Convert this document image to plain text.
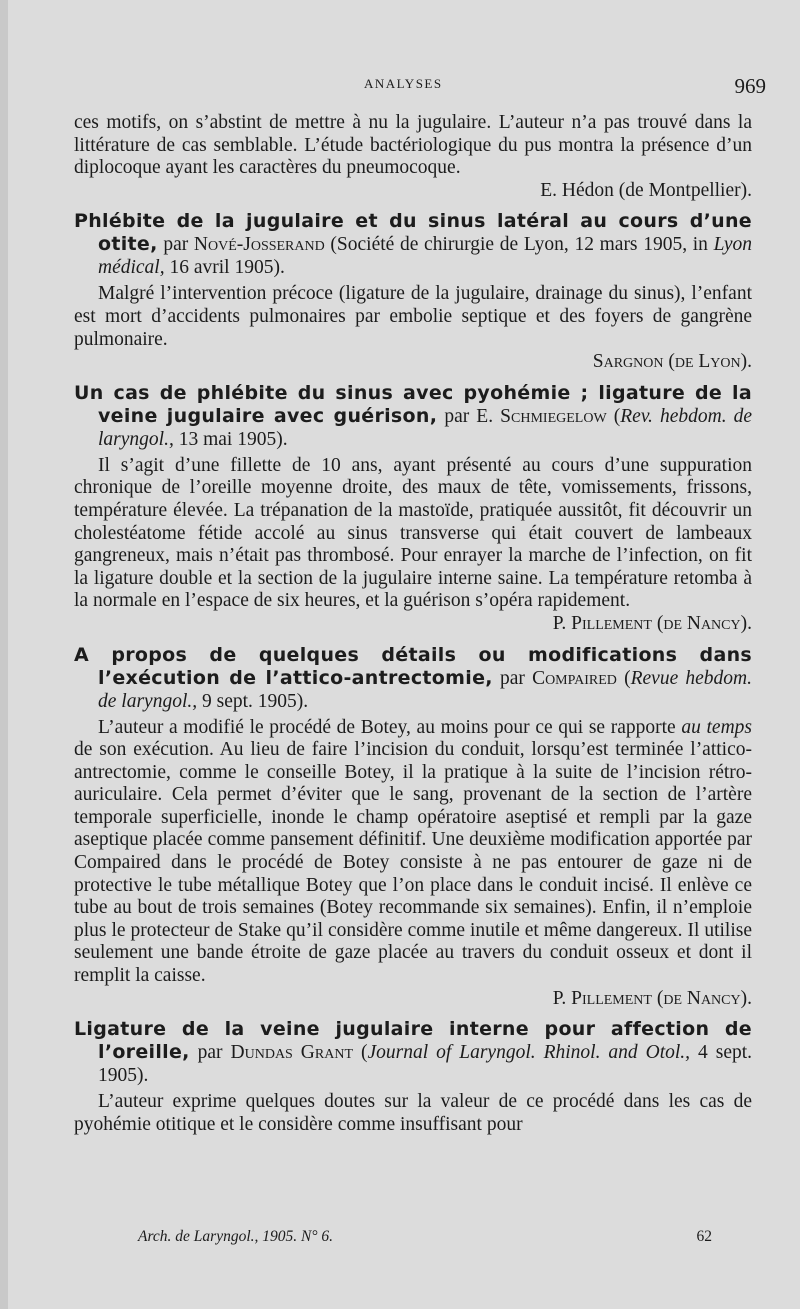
ANALYSES	969

ces motifs, on s’abstint de mettre à nu la jugulaire. L’auteur n’a pas trouvé dans la littérature de cas semblable. L’étude bactériologique du pus montra la présence d’un diplocoque ayant les caractères du pneumocoque.

E. Hédon (de Montpellier).
Phlébite de la jugulaire et du sinus latéral au cours d’une otite, par Nové-Josserand (Société de chirurgie de Lyon, 12 mars 1905, in Lyon médical, 16 avril 1905).

Malgré l’intervention précoce (ligature de la jugulaire, drainage du sinus), l’enfant est mort d’accidents pulmonaires par embolie septique et des foyers de gangrène pulmonaire.

Sargnon (de Lyon).
Un cas de phlébite du sinus avec pyohémie ; ligature de la veine jugulaire avec guérison, par E. Schmiegelow (Rev. hebdom. de laryngol., 13 mai 1905).

Il s’agit d’une fillette de 10 ans, ayant présenté au cours d’une suppuration chronique de l’oreille moyenne droite, des maux de tête, vomissements, frissons, température élevée. La trépanation de la mastoïde, pratiquée aussitôt, fit découvrir un cholestéatome fétide accolé au sinus transverse qui était couvert de lambeaux gangreneux, mais n’était pas thrombosé. Pour enrayer la marche de l’infection, on fit la ligature double et la section de la jugulaire interne saine. La température retomba à la normale en l’espace de six heures, et la guérison s’opéra rapidement.

P. Pillement (de Nancy).
A propos de quelques détails ou modifications dans l’exécution de l’attico-antrectomie, par Compaired (Revue hebdom. de laryngol., 9 sept. 1905).

L’auteur a modifié le procédé de Botey, au moins pour ce qui se rapporte au temps de son exécution. Au lieu de faire l’incision du conduit, lorsqu’est terminée l’attico-antrectomie, comme le conseille Botey, il la pratique à la suite de l’incision rétro-auriculaire. Cela permet d’éviter que le sang, provenant de la section de l’artère temporale superficielle, inonde le champ opératoire aseptisé et rempli par la gaze aseptique placée comme pansement définitif. Une deuxième modification apportée par Compaired dans le procédé de Botey consiste à ne pas entourer de gaze ni de protective le tube métallique Botey que l’on place dans le conduit incisé. Il enlève ce tube au bout de trois semaines (Botey recommande six semaines). Enfin, il n’emploie plus le protecteur de Stake qu’il considère comme inutile et même dangereux. Il utilise seulement une bande étroite de gaze placée au travers du conduit osseux et dont il remplit la caisse.

P. Pillement (de Nancy).
Ligature de la veine jugulaire interne pour affection de l’oreille, par Dundas Grant (Journal of Laryngol. Rhinol. and Otol., 4 sept. 1905).

L’auteur exprime quelques doutes sur la valeur de ce procédé dans les cas de pyohémie otitique et le considère comme insuffisant pour

Arch. de Laryngol., 1905. N° 6.	62
